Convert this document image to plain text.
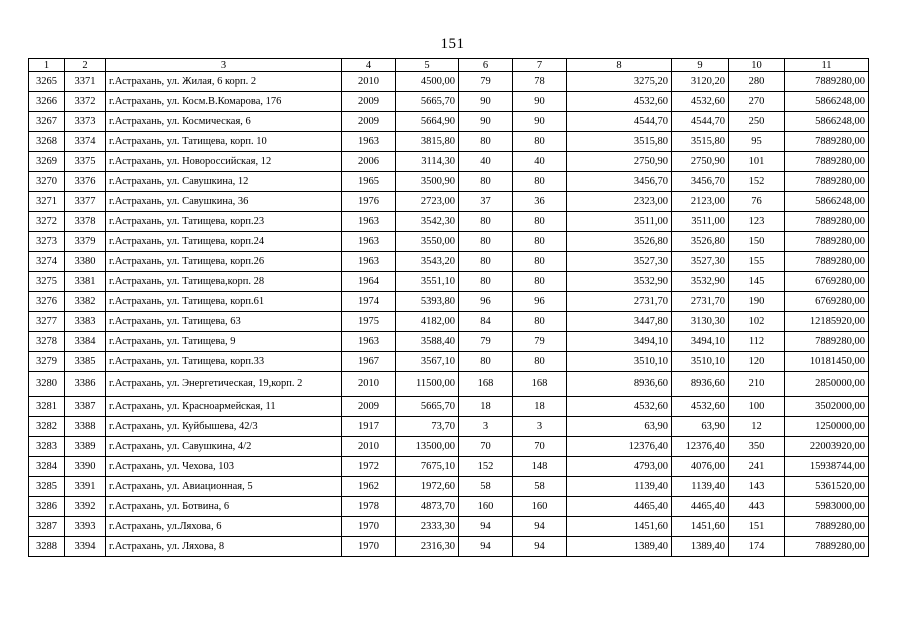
151
1	2	3	4	5	6	7	8	9	10	11
3265	3371	г.Астрахань, ул. Жилая, 6 корп. 2	2010	4500,00	79	78	3275,20	3120,20	280	7889280,00
3266	3372	г.Астрахань, ул. Косм.В.Комарова, 176	2009	5665,70	90	90	4532,60	4532,60	270	5866248,00
3267	3373	г.Астрахань, ул. Космическая, 6	2009	5664,90	90	90	4544,70	4544,70	250	5866248,00
3268	3374	г.Астрахань, ул. Татищева, корп. 10	1963	3815,80	80	80	3515,80	3515,80	95	7889280,00
3269	3375	г.Астрахань, ул. Новороссийская, 12	2006	3114,30	40	40	2750,90	2750,90	101	7889280,00
3270	3376	г.Астрахань, ул. Савушкина, 12	1965	3500,90	80	80	3456,70	3456,70	152	7889280,00
3271	3377	г.Астрахань, ул. Савушкина, 36	1976	2723,00	37	36	2323,00	2123,00	76	5866248,00
3272	3378	г.Астрахань, ул. Татищева, корп.23	1963	3542,30	80	80	3511,00	3511,00	123	7889280,00
3273	3379	г.Астрахань, ул. Татищева, корп.24	1963	3550,00	80	80	3526,80	3526,80	150	7889280,00
3274	3380	г.Астрахань, ул. Татищева, корп.26	1963	3543,20	80	80	3527,30	3527,30	155	7889280,00
3275	3381	г.Астрахань, ул. Татищева,корп. 28	1964	3551,10	80	80	3532,90	3532,90	145	6769280,00
3276	3382	г.Астрахань, ул. Татищева, корп.61	1974	5393,80	96	96	2731,70	2731,70	190	6769280,00
3277	3383	г.Астрахань, ул. Татищева, 63	1975	4182,00	84	80	3447,80	3130,30	102	12185920,00
3278	3384	г.Астрахань, ул. Татищева, 9	1963	3588,40	79	79	3494,10	3494,10	112	7889280,00
3279	3385	г.Астрахань, ул. Татищева, корп.33	1967	3567,10	80	80	3510,10	3510,10	120	10181450,00
3280	3386	г.Астрахань, ул. Энергетическая, 19,корп. 2	2010	11500,00	168	168	8936,60	8936,60	210	2850000,00
3281	3387	г.Астрахань, ул. Красноармейская, 11	2009	5665,70	18	18	4532,60	4532,60	100	3502000,00
3282	3388	г.Астрахань, ул. Куйбышева, 42/3	1917	73,70	3	3	63,90	63,90	12	1250000,00
3283	3389	г.Астрахань, ул. Савушкина, 4/2	2010	13500,00	70	70	12376,40	12376,40	350	22003920,00
3284	3390	г.Астрахань, ул. Чехова, 103	1972	7675,10	152	148	4793,00	4076,00	241	15938744,00
3285	3391	г.Астрахань, ул. Авиационная, 5	1962	1972,60	58	58	1139,40	1139,40	143	5361520,00
3286	3392	г.Астрахань, ул. Ботвина, 6	1978	4873,70	160	160	4465,40	4465,40	443	5983000,00
3287	3393	г.Астрахань, ул.Ляхова, 6	1970	2333,30	94	94	1451,60	1451,60	151	7889280,00
3288	3394	г.Астрахань, ул. Ляхова, 8	1970	2316,30	94	94	1389,40	1389,40	174	7889280,00
